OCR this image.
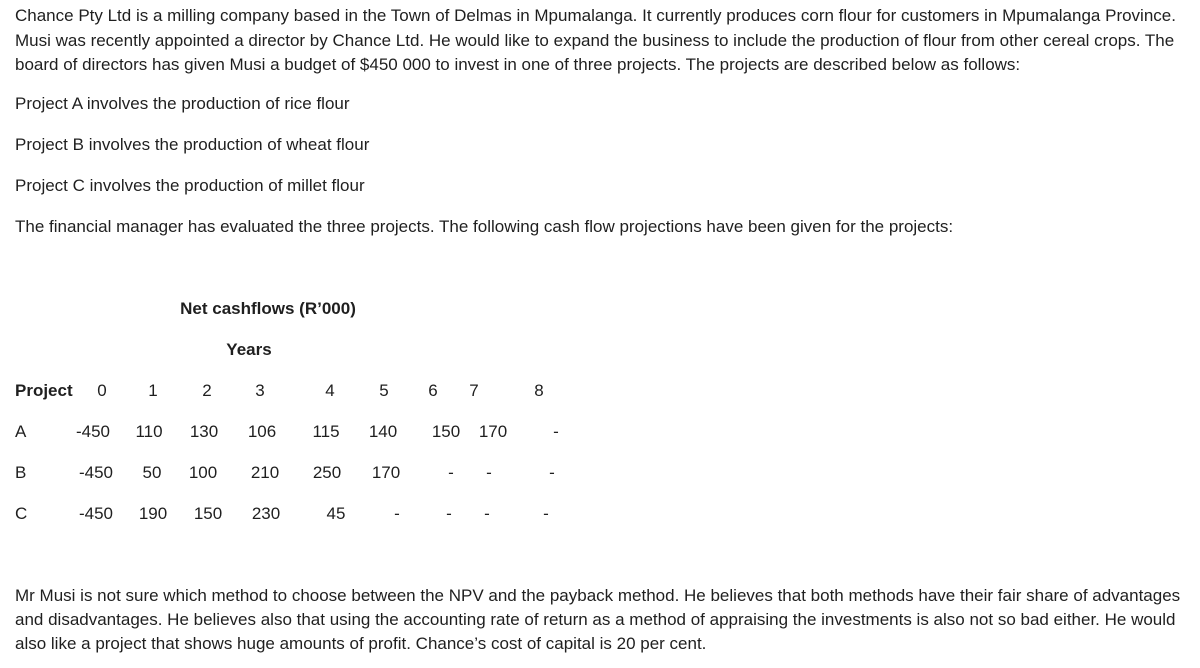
Chance Pty Ltd is a milling company based in the Town of Delmas in Mpumalanga. It currently produces corn flour for customers in Mpumalanga Province. Musi was recently appointed a director by Chance Ltd. He would like to expand the business to include the production of flour from other cereal crops. The board of directors has given Musi a budget of $450 000 to invest in one of three projects. The projects are described below as follows:

Project A involves the production of rice flour

Project B involves the production of wheat flour

Project C involves the production of millet flour

The financial manager has evaluated the three projects. The following cash flow projections have been given for the projects:

Net cashflows (R’000)
Years
Project 0 1	2	3	4	5 6 7	8
A	-450 110 130 106 115 140 150 170	-
B	-450 50 100 210 250 170	- -	-
C	-450 190 150 230	45	-	- -	-

Mr Musi is not sure which method to choose between the NPV and the payback method. He believes that both methods have their fair share of advantages and disadvantages. He believes also that using the accounting rate of return as a method of appraising the investments is also not so bad either. He would also like a project that shows huge amounts of profit. Chance’s cost of capital is 20 per cent.
